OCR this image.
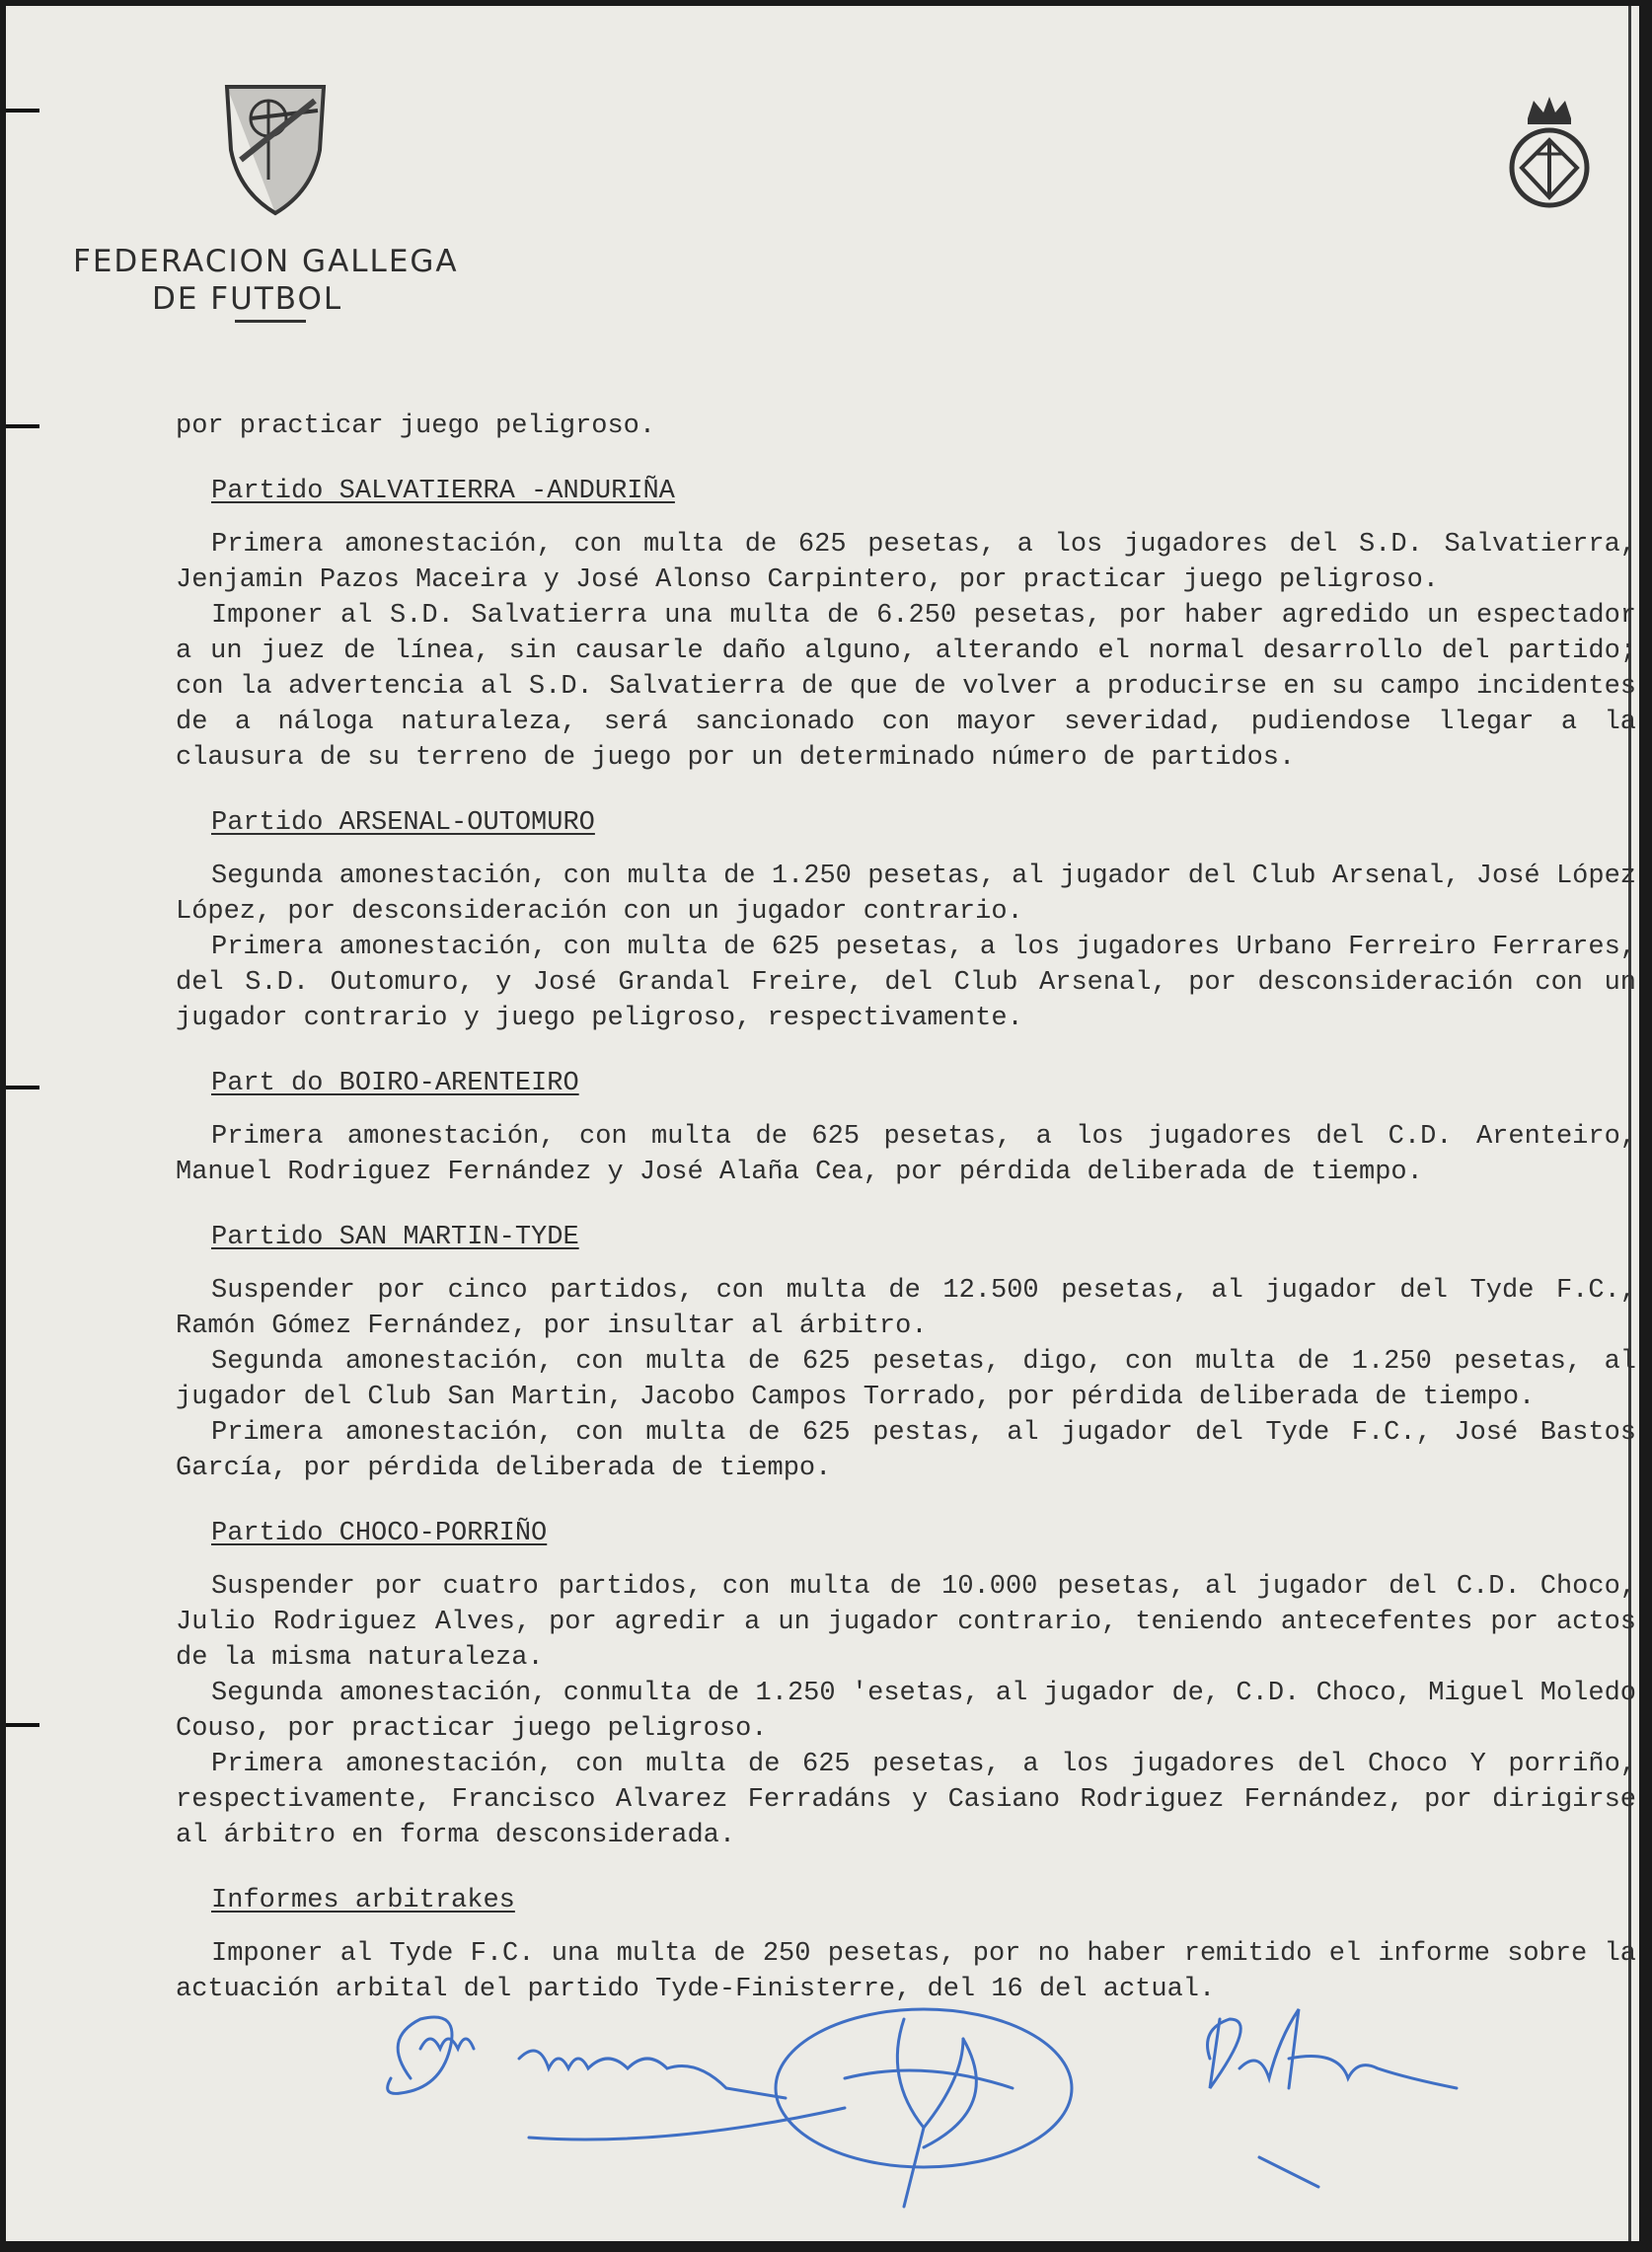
FEDERACION GALLEGA
DE FUTBOL

por practicar juego peligroso.

Partido SALVATIERRA -ANDURIÑA

Primera amonestación, con multa de 625 pesetas, a los jugadores del S.D. Salvatierra, Jenjamin Pazos Maceira y José Alonso Carpintero, por practicar juego peligroso.

Imponer al S.D. Salvatierra una multa de 6.250 pesetas, por haber agredido un espectador a un juez de línea, sin causarle daño alguno, alterando el normal desarrollo del partido; con la advertencia al S.D. Salvatierra de que de volver a producirse en su campo incidentes de a náloga naturaleza, será sancionado con mayor severidad, pudiendose llegar a la clausura de su terreno de juego por un determinado número de partidos.

Partido ARSENAL-OUTOMURO

Segunda amonestación, con multa de 1.250 pesetas, al jugador del Club Arsenal, José López López, por desconsideración con un jugador contrario.

Primera amonestación, con multa de 625 pesetas, a los jugadores Urbano Ferreiro Ferrares, del S.D. Outomuro, y José Grandal Freire, del Club Arsenal, por desconsideración con un jugador contrario y juego peligroso, respectivamente.

Part do BOIRO-ARENTEIRO

Primera amonestación, con multa de 625 pesetas, a los jugadores del C.D. Arenteiro, Manuel Rodriguez Fernández y José Alaña Cea, por pérdida deliberada de tiempo.

Partido SAN MARTIN-TYDE

Suspender por cinco partidos, con multa de 12.500 pesetas, al jugador del Tyde F.C., Ramón Gómez Fernández, por insultar al árbitro.

Segunda amonestación, con multa de 625 pesetas, digo, con multa de 1.250 pesetas, al jugador del Club San Martin, Jacobo Campos Torrado, por pérdida deliberada de tiempo.

Primera amonestación, con multa de 625 pestas, al jugador del Tyde F.C., José Bastos García, por pérdida deliberada de tiempo.

Partido CHOCO-PORRIÑO

Suspender por cuatro partidos, con multa de 10.000 pesetas, al jugador del C.D. Choco, Julio Rodriguez Alves, por agredir a un jugador contrario, teniendo antecefentes por actos de la misma naturaleza.

Segunda amonestación, conmulta de 1.250 'esetas, al jugador de, C.D. Choco, Miguel Moledo Couso, por practicar juego peligroso.

Primera amonestación, con multa de 625 pesetas, a los jugadores del Choco Y porriño, respectivamente, Francisco Alvarez Ferradáns y Casiano Rodriguez Fernández, por dirigirse al árbitro en forma desconsiderada.

Informes arbitrakes

Imponer al Tyde F.C. una multa de 250 pesetas, por no haber remitido el informe sobre la actuación arbital del partido Tyde-Finisterre, del 16 del actual.
